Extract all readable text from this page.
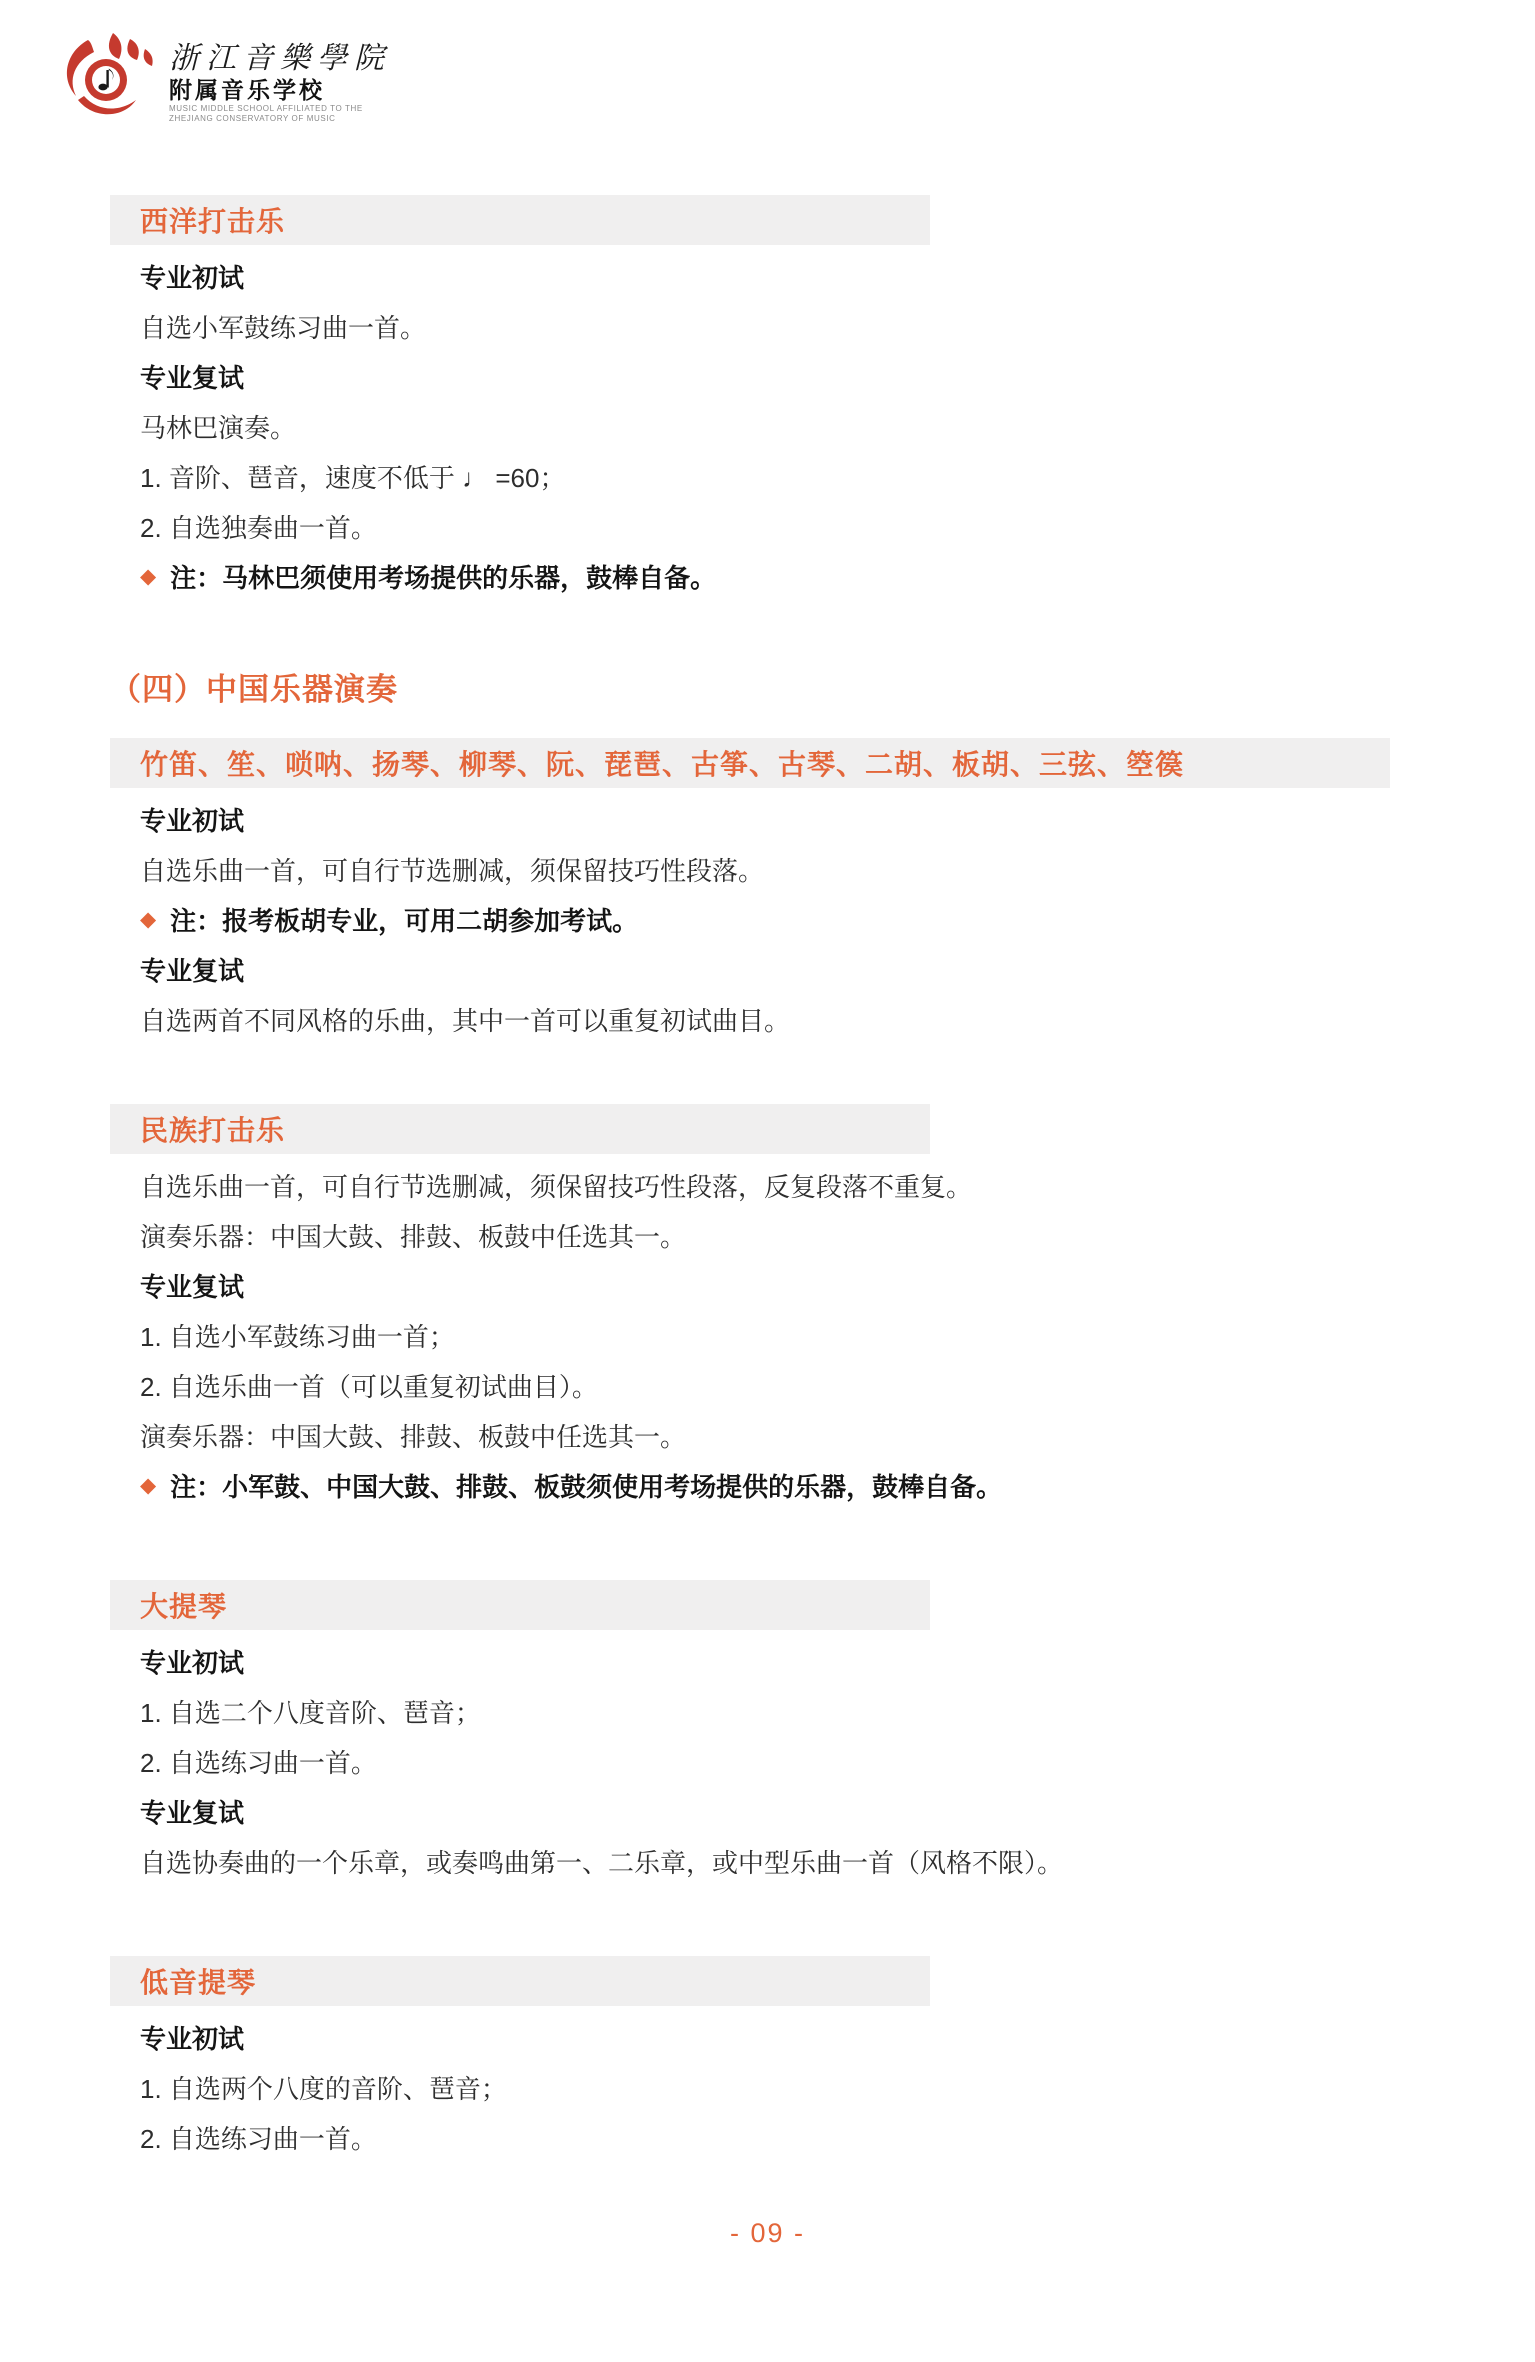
浙江音樂學院
附属音乐学校
MUSIC MIDDLE SCHOOL AFFILIATED TO THE
ZHEJIANG CONSERVATORY OF MUSIC
西洋打击乐
专业初试
自选小军鼓练习曲一首。
专业复试
马林巴演奏。
1. 音阶、琶音，速度不低于 ♩ =60；
2. 自选独奏曲一首。
◆ 注：马林巴须使用考场提供的乐器，鼓棒自备。
（四）中国乐器演奏
竹笛、笙、唢呐、扬琴、柳琴、阮、琵琶、古筝、古琴、二胡、板胡、三弦、箜篌
专业初试
自选乐曲一首，可自行节选删减，须保留技巧性段落。
◆ 注：报考板胡专业，可用二胡参加考试。
专业复试
自选两首不同风格的乐曲，其中一首可以重复初试曲目。
民族打击乐
自选乐曲一首，可自行节选删减，须保留技巧性段落，反复段落不重复。
演奏乐器：中国大鼓、排鼓、板鼓中任选其一。
专业复试
1. 自选小军鼓练习曲一首；
2. 自选乐曲一首（可以重复初试曲目）。
演奏乐器：中国大鼓、排鼓、板鼓中任选其一。
◆ 注：小军鼓、中国大鼓、排鼓、板鼓须使用考场提供的乐器，鼓棒自备。
大提琴
专业初试
1. 自选二个八度音阶、琶音；
2. 自选练习曲一首。
专业复试
自选协奏曲的一个乐章，或奏鸣曲第一、二乐章，或中型乐曲一首（风格不限）。
低音提琴
专业初试
1. 自选两个八度的音阶、琶音；
2. 自选练习曲一首。
- 09 -
